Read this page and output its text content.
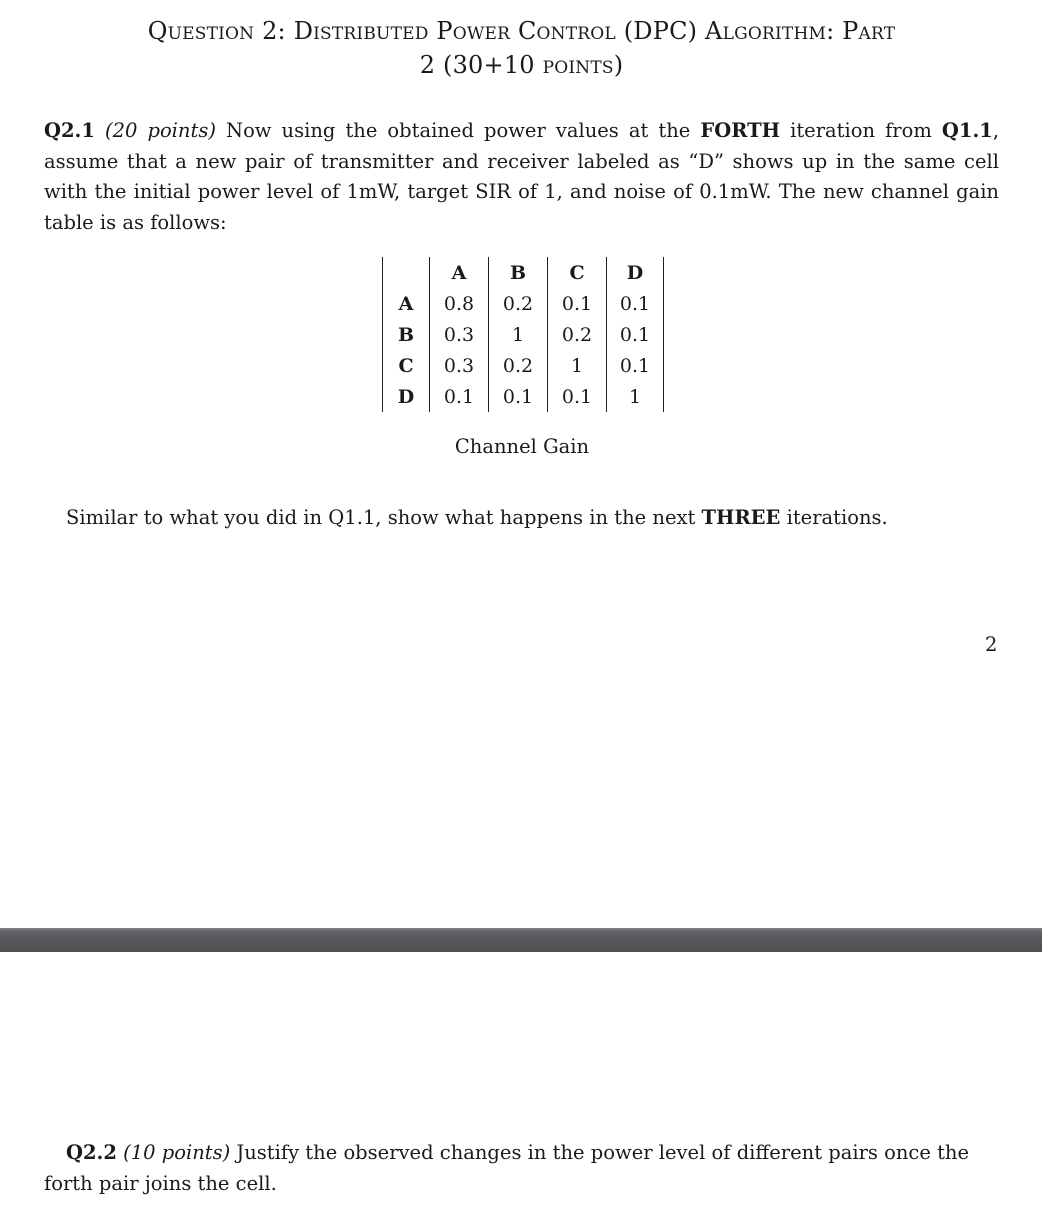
Question 2: Distributed Power Control (DPC) Algorithm: Part
2 (30+10 points)
Q2.1 (20 points) Now using the obtained power values at the FORTH iteration from Q1.1, assume that a new pair of transmitter and receiver labeled as “D” shows up in the same cell with the initial power level of 1mW, target SIR of 1, and noise of 0.1mW. The new channel gain table is as follows:
	A	B	C	D
A	0.8	0.2	0.1	0.1
B	0.3	1	0.2	0.1
C	0.3	0.2	1	0.1
D	0.1	0.1	0.1	1
Channel Gain
Similar to what you did in Q1.1, show what happens in the next THREE iterations.
2
Q2.2 (10 points) Justify the observed changes in the power level of different pairs once the forth pair joins the cell.
